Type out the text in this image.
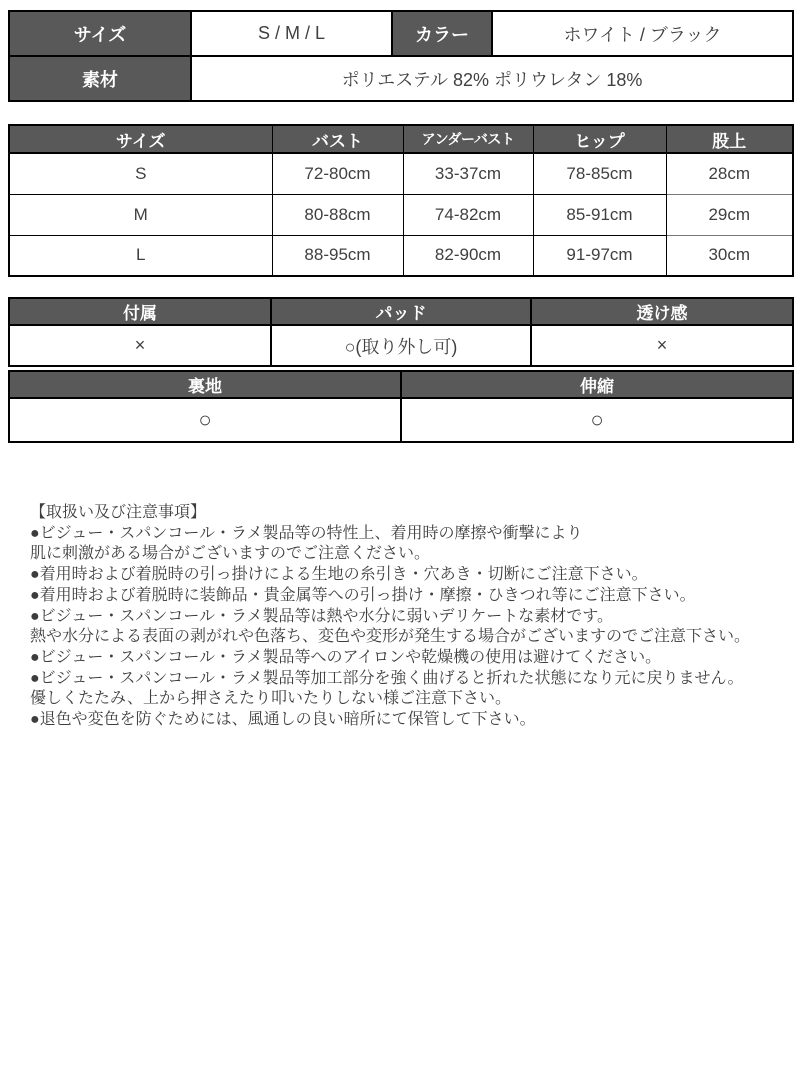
サイズ	S / M / L	カラー	ホワイト / ブラック
素材	ポリエステル 82% ポリウレタン 18%		
サイズ	バスト	アンダーバスト	ヒップ	股上
S	72-80cm	33-37cm	78-85cm	28cm
M	80-88cm	74-82cm	85-91cm	29cm
L	88-95cm	82-90cm	91-97cm	30cm
付属	パッド	透け感
×	○(取り外し可)	×
裏地	伸縮
○	○
【取扱い及び注意事項】
●ビジュー・スパンコール・ラメ製品等の特性上、着用時の摩擦や衝撃により
肌に刺激がある場合がございますのでご注意ください。
●着用時および着脱時の引っ掛けによる生地の糸引き・穴あき・切断にご注意下さい。
●着用時および着脱時に装飾品・貴金属等への引っ掛け・摩擦・ひきつれ等にご注意下さい。
●ビジュー・スパンコール・ラメ製品等は熱や水分に弱いデリケートな素材です。
熱や水分による表面の剥がれや色落ち、変色や変形が発生する場合がございますのでご注意下さい。
●ビジュー・スパンコール・ラメ製品等へのアイロンや乾燥機の使用は避けてください。
●ビジュー・スパンコール・ラメ製品等加工部分を強く曲げると折れた状態になり元に戻りません。
優しくたたみ、上から押さえたり叩いたりしない様ご注意下さい。
●退色や変色を防ぐためには、風通しの良い暗所にて保管して下さい。
